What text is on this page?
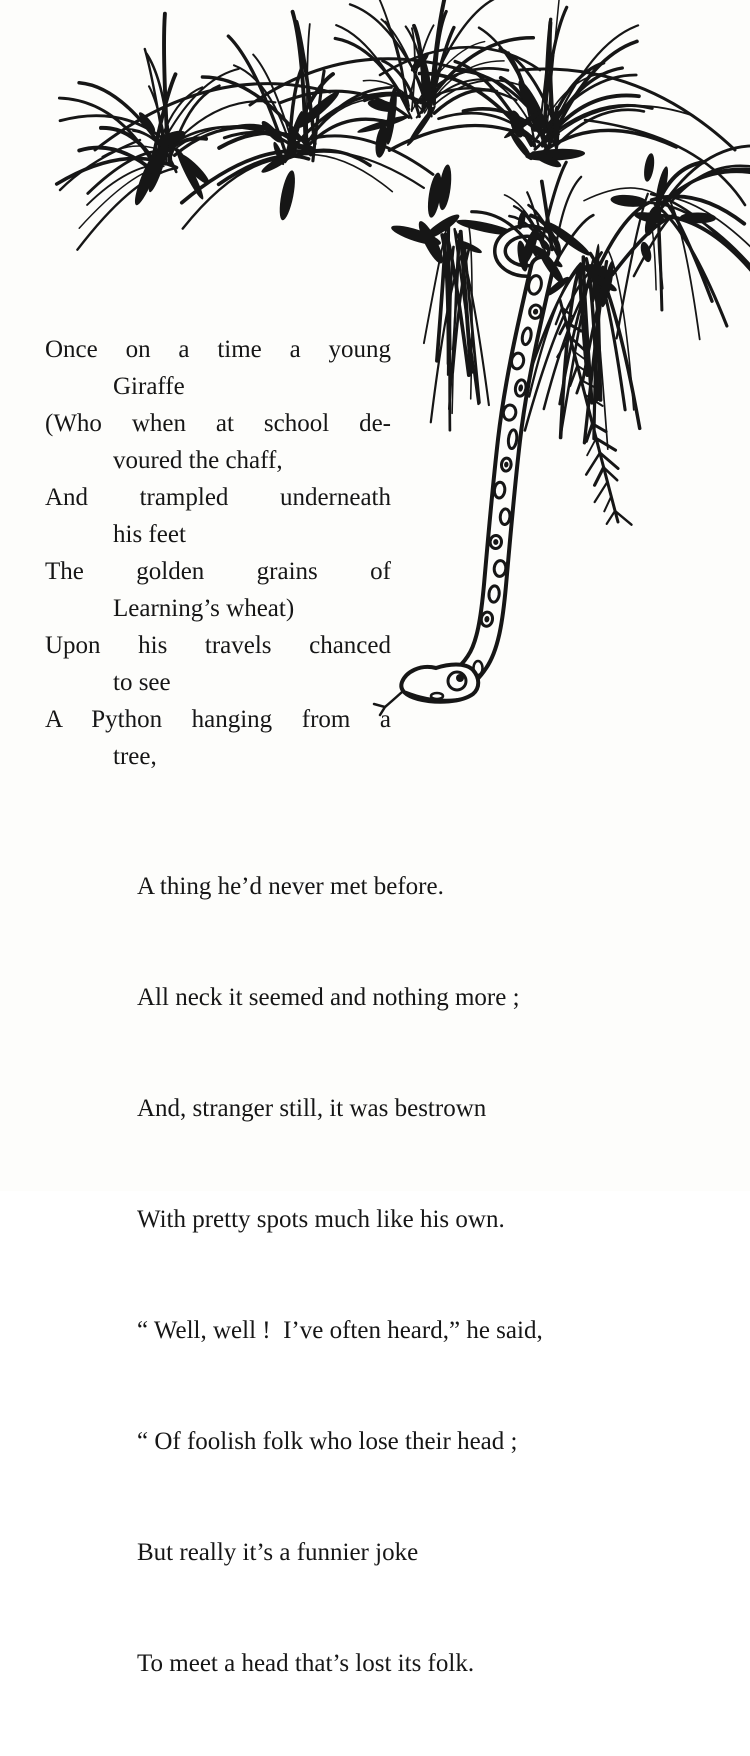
Once on a time a young
Giraffe
(Who when at school de-
voured the chaff,
And trampled underneath
his feet
The golden grains of
Learning’s wheat)
Upon his travels chanced
to see
A Python hanging from a
tree,

A thing he’d never met before.

All neck it seemed and nothing more ;

And, stranger still, it was bestrown

With pretty spots much like his own.

“ Well, well !  I’ve often heard,” he said,

“ Of foolish folk who lose their head ;

But really it’s a funnier joke

To meet a head that’s lost its folk.
